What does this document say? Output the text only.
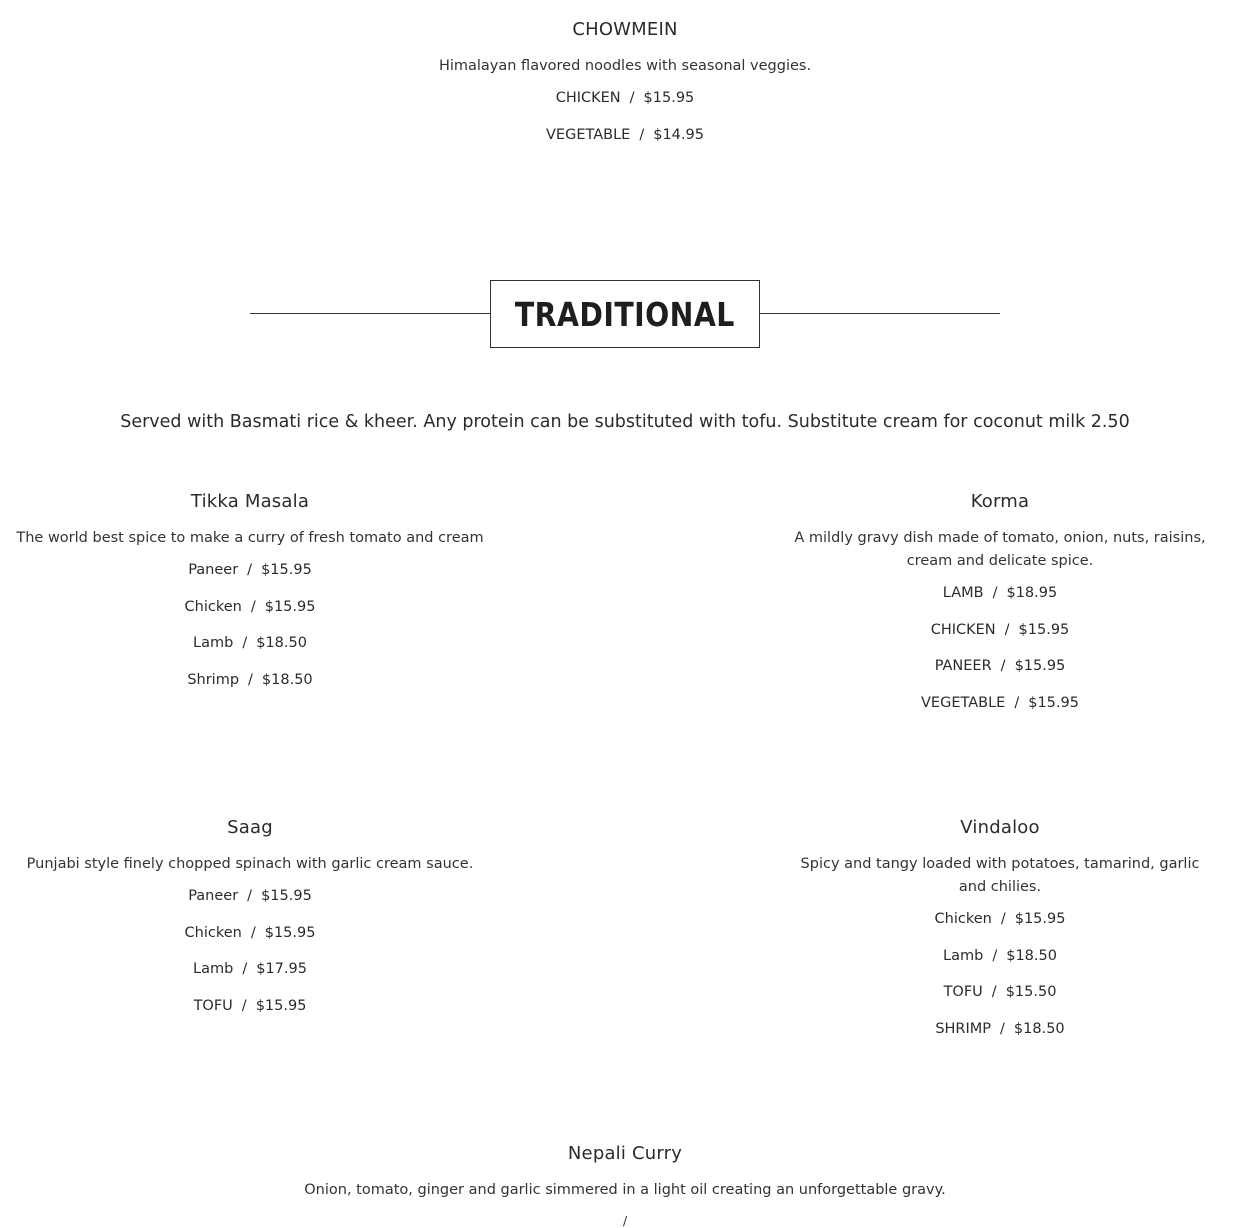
CHOWMEIN

Himalayan flavored noodles with seasonal veggies.

CHICKEN / $15.95
VEGETABLE / $14.95
TRADITIONAL
Served with Basmati rice & kheer. Any protein can be substituted with tofu. Substitute cream for coconut milk 2.50
Tikka Masala

The world best spice to make a curry of fresh tomato and cream

Paneer / $15.95
Chicken / $15.95
Lamb / $18.50
Shrimp / $18.50
Korma

A mildly gravy dish made of tomato, onion, nuts, raisins, cream and delicate spice.

LAMB / $18.95
CHICKEN / $15.95
PANEER / $15.95
VEGETABLE / $15.95
Saag

Punjabi style finely chopped spinach with garlic cream sauce.

Paneer / $15.95
Chicken / $15.95
Lamb / $17.95
TOFU / $15.95
Vindaloo

Spicy and tangy loaded with potatoes, tamarind, garlic and chilies.

Chicken / $15.95
Lamb / $18.50
TOFU / $15.50
SHRIMP / $18.50
Nepali Curry

Onion, tomato, ginger and garlic simmered in a light oil creating an unforgettable gravy.

/
